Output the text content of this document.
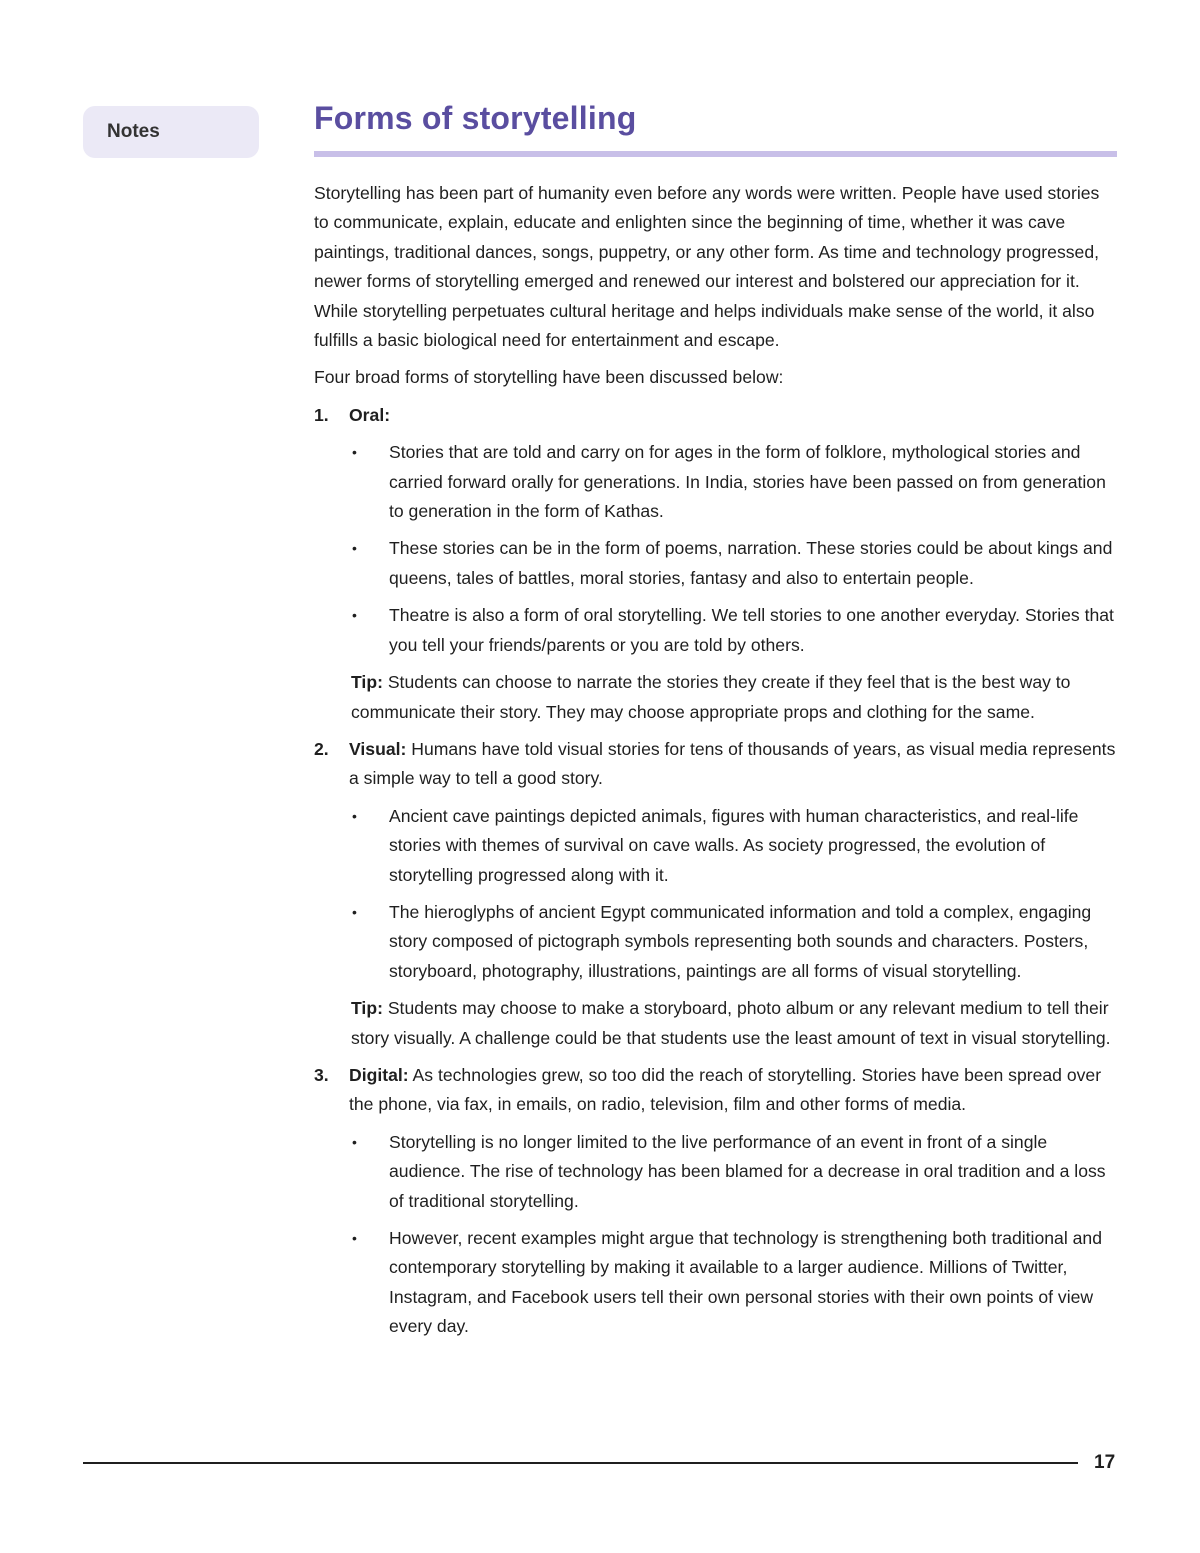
Notes	Forms of storytelling

Storytelling has been part of humanity even before any words were written. People have used stories to communicate, explain, educate and enlighten since the beginning of time, whether it was cave paintings, traditional dances, songs, puppetry, or any other form. As time and technology progressed, newer forms of storytelling emerged and renewed our interest and bolstered our appreciation for it. While storytelling perpetuates cultural heritage and helps individuals make sense of the world, it also fulfills a basic biological need for entertainment and escape.

Four broad forms of storytelling have been discussed below:

1. Oral:

• Stories that are told and carry on for ages in the form of folklore, mythological stories and carried forward orally for generations. In India, stories have been passed on from generation to generation in the form of Kathas.
• These stories can be in the form of poems, narration. These stories could be about kings and queens, tales of battles, moral stories, fantasy and also to entertain people.
• Theatre is also a form of oral storytelling. We tell stories to one another everyday. Stories that you tell your friends/parents or you are told by others.

Tip: Students can choose to narrate the stories they create if they feel that is the best way to communicate their story. They may choose appropriate props and clothing for the same.

2. Visual: Humans have told visual stories for tens of thousands of years, as visual media represents a simple way to tell a good story.

• Ancient cave paintings depicted animals, figures with human characteristics, and real-life stories with themes of survival on cave walls. As society progressed, the evolution of storytelling progressed along with it.
• The hieroglyphs of ancient Egypt communicated information and told a complex, engaging story composed of pictograph symbols representing both sounds and characters. Posters, storyboard, photography, illustrations, paintings are all forms of visual storytelling.

Tip: Students may choose to make a storyboard, photo album or any relevant medium to tell their story visually. A challenge could be that students use the least amount of text in visual storytelling.

3. Digital: As technologies grew, so too did the reach of storytelling. Stories have been spread over the phone, via fax, in emails, on radio, television, film and other forms of media.

• Storytelling is no longer limited to the live performance of an event in front of a single audience. The rise of technology has been blamed for a decrease in oral tradition and a loss of traditional storytelling.
• However, recent examples might argue that technology is strengthening both traditional and contemporary storytelling by making it available to a larger audience. Millions of Twitter, Instagram, and Facebook users tell their own personal stories with their own points of view every day.
17
